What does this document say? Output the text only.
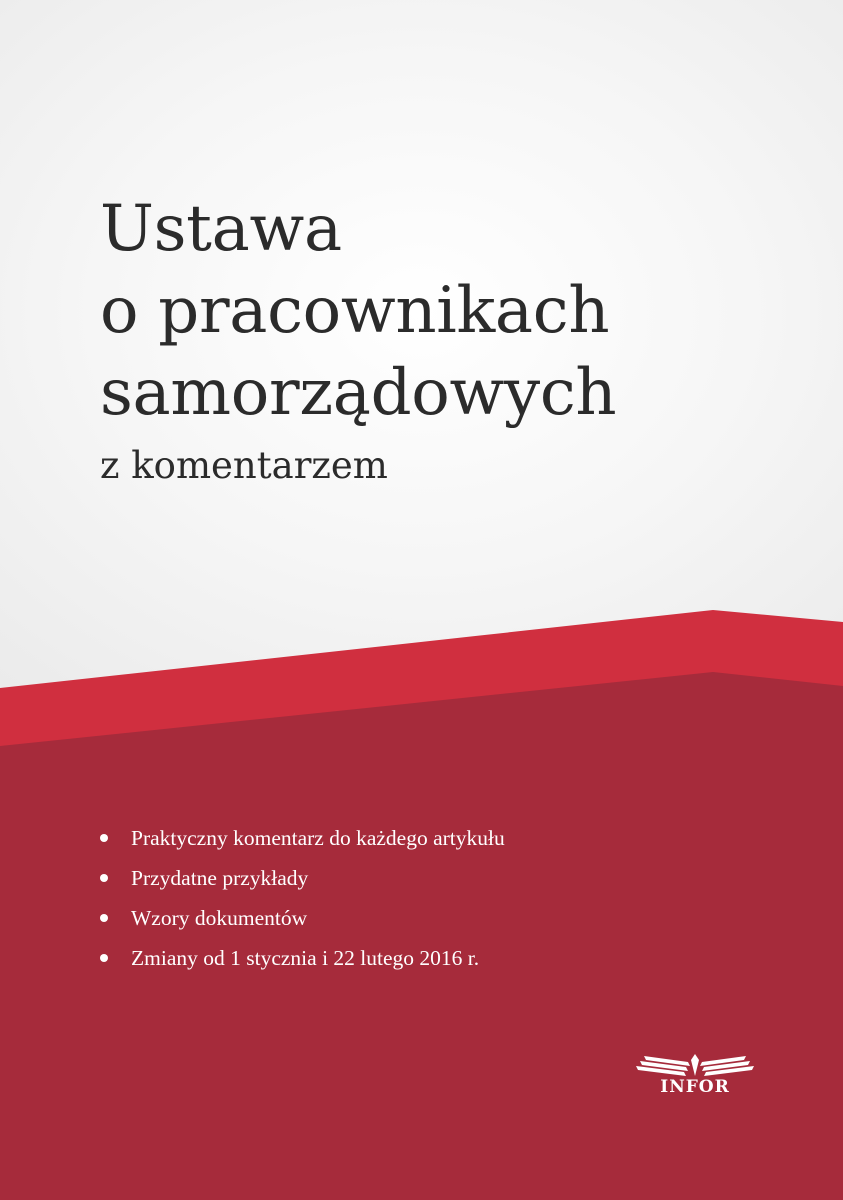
Ustawa
o pracownikach
samorządowych
z komentarzem
Praktyczny komentarz do każdego artykułu
Przydatne przykłady
Wzory dokumentów
Zmiany od 1 stycznia i 22 lutego 2016 r.
INFOR
